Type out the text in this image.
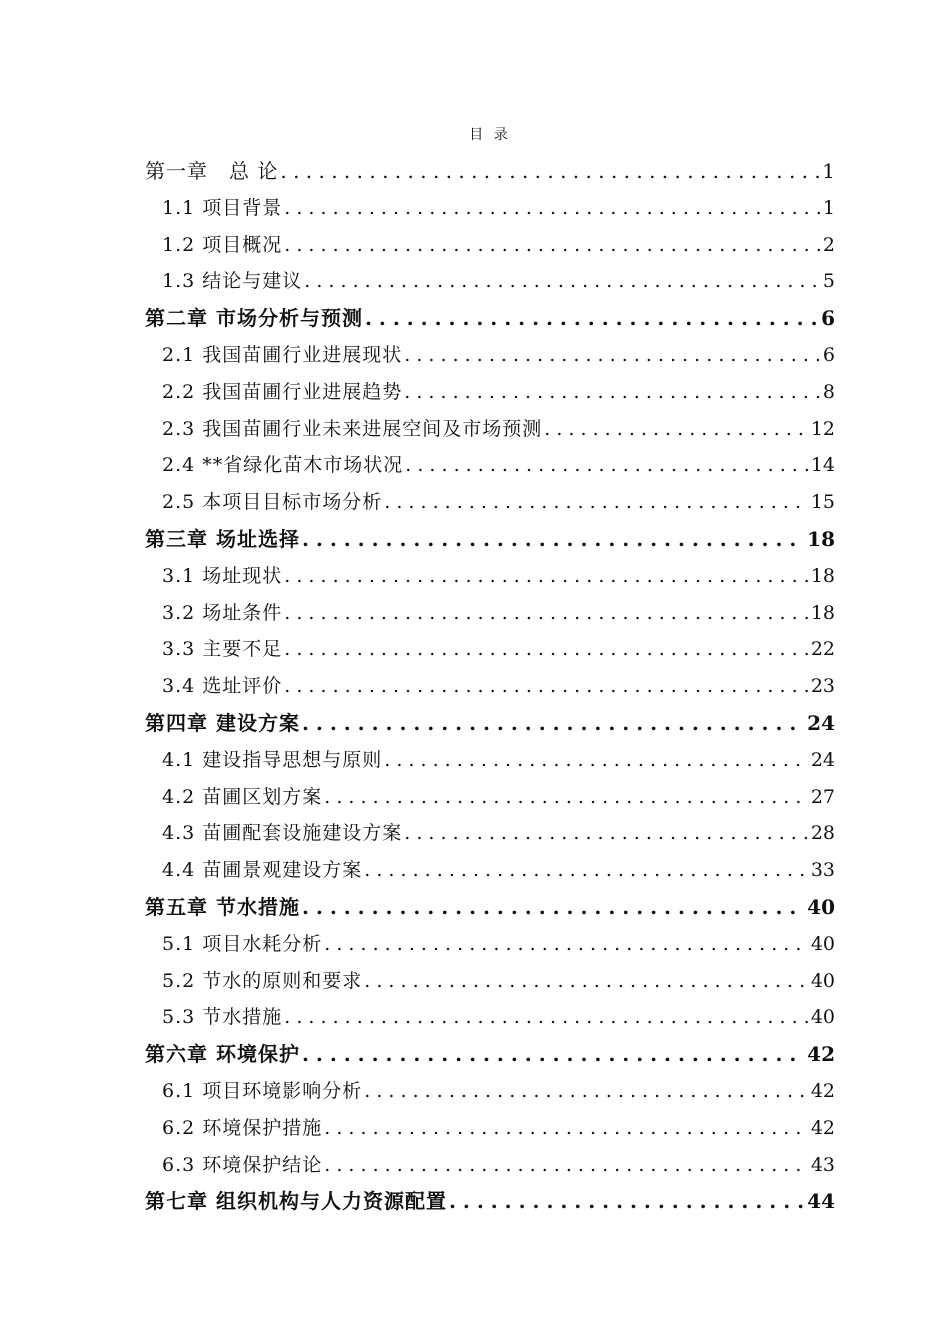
目 录
第一章　总 论 . . .	1
1.1 项目背景 . . .	1
1.2 项目概况 . . .	2
1.3 结论与建议 . . .	5
第二章 市场分析与预测 . . .	6
2.1 我国苗圃行业进展现状 . . .	6
2.2 我国苗圃行业进展趋势 . . .	8
2.3 我国苗圃行业未来进展空间及市场预测 . . .	12
2.4 **省绿化苗木市场状况 . . .	14
2.5 本项目目标市场分析 . . .	15
第三章 场址选择 . . .	18
3.1 场址现状 . . .	18
3.2 场址条件 . . .	18
3.3 主要不足 . . .	22
3.4 选址评价 . . .	23
第四章 建设方案 . . .	24
4.1 建设指导思想与原则 . . .	24
4.2 苗圃区划方案 . . .	27
4.3 苗圃配套设施建设方案 . . .	28
4.4 苗圃景观建设方案 . . .	33
第五章 节水措施 . . .	40
5.1 项目水耗分析 . . .	40
5.2 节水的原则和要求 . . .	40
5.3 节水措施 . . .	40
第六章 环境保护 . . .	42
6.1 项目环境影响分析 . . .	42
6.2 环境保护措施 . . .	42
6.3 环境保护结论 . . .	43
第七章 组织机构与人力资源配置 . . .	44
